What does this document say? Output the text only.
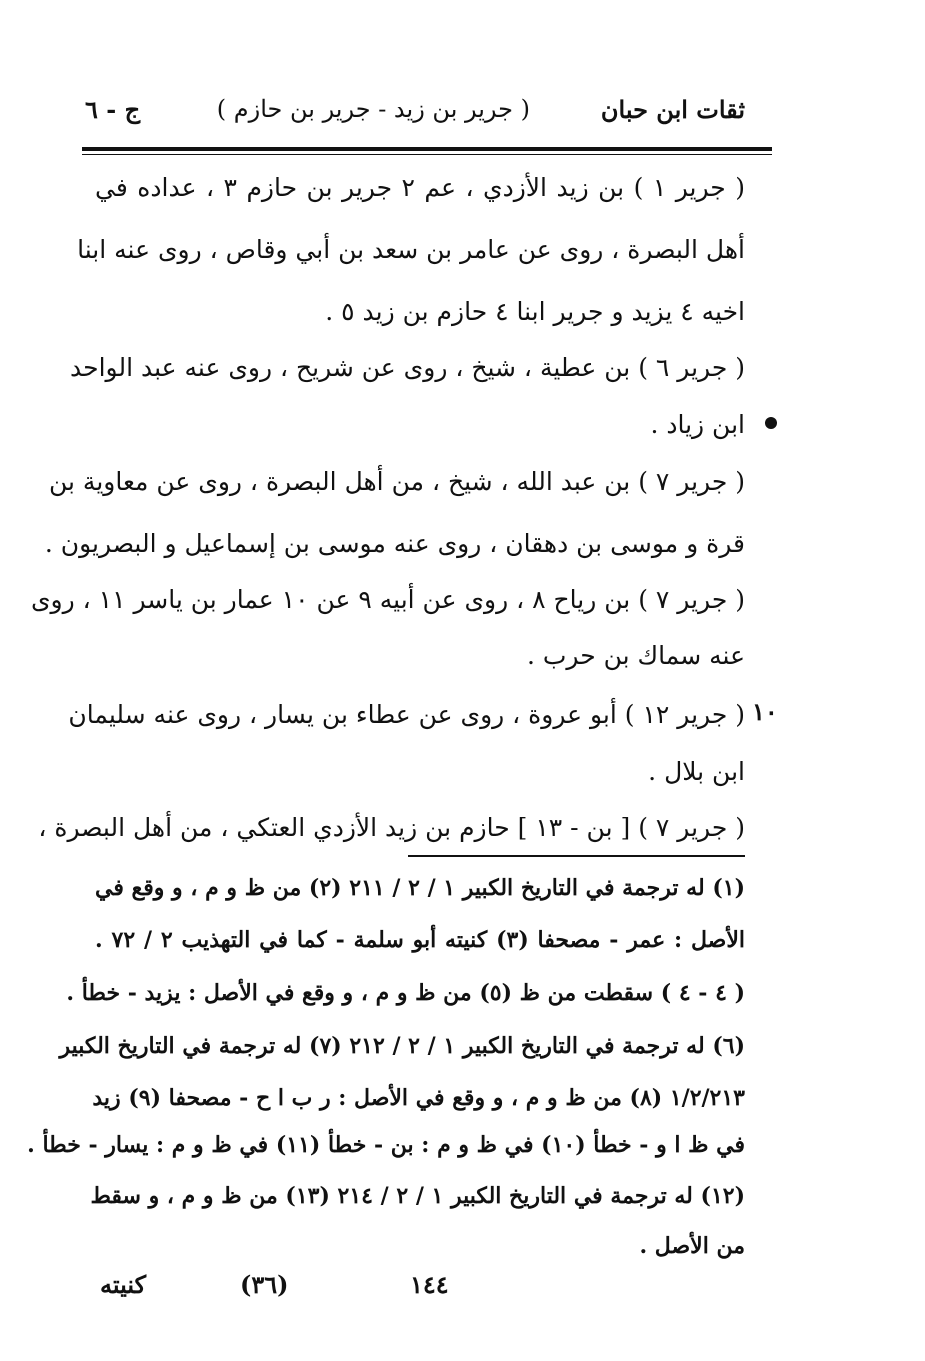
ثقات ابن حبان
( جرير بن زيد - جرير بن حازم )
ج - ٦
( جرير ١ ) بن زيد الأزدي ، عم ٢ جرير بن حازم ٣ ، عداده في
أهل البصرة ، روى عن عامر بن سعد بن أبي وقاص ، روى عنه ابنا
اخيه ٤ يزيد و جرير ابنا ٤ حازم بن زيد ٥ .
( جرير ٦ ) بن عطية ، شيخ ، روى عن شريح ، روى عنه عبد الواحد
ابن زياد .
( جرير ٧ ) بن عبد الله ، شيخ ، من أهل البصرة ، روى عن معاوية بن
قرة و موسى بن دهقان ، روى عنه موسى بن إسماعيل و البصريون .
( جرير ٧ ) بن رياح ٨ ، روى عن أبيه ٩ عن ١٠ عمار بن ياسر ١١ ، روى
عنه سماك بن حرب .
١٠
( جرير ١٢ ) أبو عروة ، روى عن عطاء بن يسار ، روى عنه سليمان
ابن بلال .
( جرير ٧ ) [ بن - ١٣ ] حازم بن زيد الأزدي العتكي ، من أهل البصرة ،
(١) له ترجمة في التاريخ الكبير ١ / ٢ / ٢١١ (٢) من ظ و م ، و وقع في
الأصل : عمر - مصحفا (٣) كنيته أبو سلمة - كما في التهذيب ٢ / ٧٢ .
( ٤ - ٤ ) سقطت من ظ (٥) من ظ و م ، و وقع في الأصل : يزيد - خطأ .
(٦) له ترجمة في التاريخ الكبير ١ / ٢ / ٢١٢ (٧) له ترجمة في التاريخ الكبير
١/٢/٢١٣ (٨) من ظ و م ، و وقع في الأصل : ر ب ا ح - مصحفا (٩) زيد
في ظ ا و - خطأ (١٠) في ظ و م : بن - خطأ (١١) في ظ و م : يسار - خطأ .
(١٢) له ترجمة في التاريخ الكبير ١ / ٢ / ٢١٤ (١٣) من ظ و م ، و سقط
من الأصل .
كنيته	(٣٦)	١٤٤
